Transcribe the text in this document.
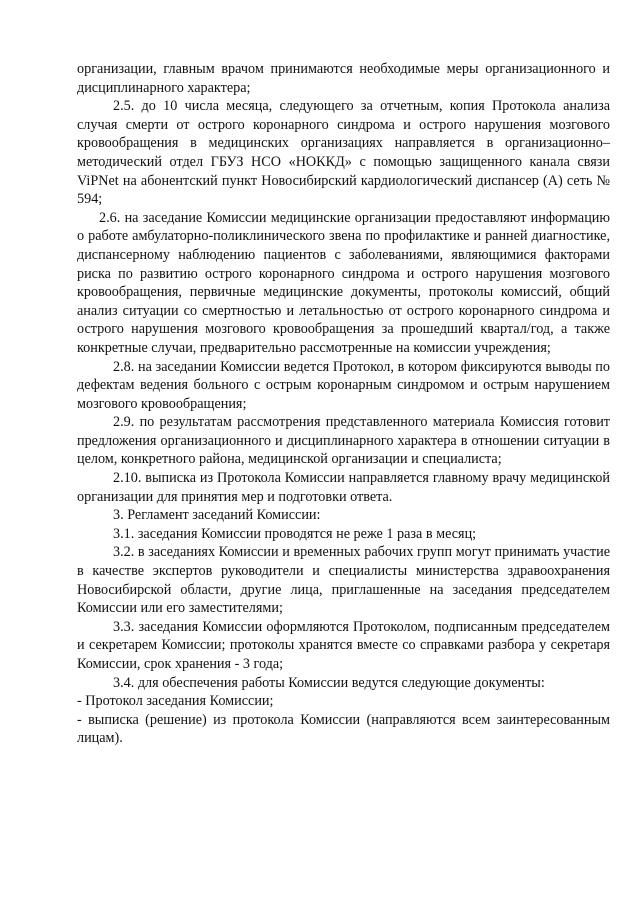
организации, главным врачом принимаются необходимые меры организационного и дисциплинарного характера;

2.5. до 10 числа месяца, следующего за отчетным, копия Протокола анализа случая смерти от острого коронарного синдрома и острого нарушения мозгового кровообращения в медицинских организациях направляется в организационно–методический отдел ГБУЗ НСО «НОККД» с помощью защищенного канала связи ViPNet на абонентский пункт Новосибирский кардиологический диспансер (А) сеть № 594;

2.6. на заседание Комиссии медицинские организации предоставляют информацию о работе амбулаторно-поликлинического звена по профилактике и ранней диагностике, диспансерному наблюдению пациентов с заболеваниями, являющимися факторами риска по развитию острого коронарного синдрома и острого нарушения мозгового кровообращения, первичные медицинские документы, протоколы комиссий, общий анализ ситуации со смертностью и летальностью от острого коронарного синдрома и острого нарушения мозгового кровообращения за прошедший квартал/год, а также конкретные случаи, предварительно рассмотренные на комиссии учреждения;

2.8. на заседании Комиссии ведется Протокол, в котором фиксируются выводы по дефектам ведения больного с острым коронарным синдромом и острым нарушением мозгового кровообращения;

2.9. по результатам рассмотрения представленного материала Комиссия готовит предложения организационного и дисциплинарного характера в отношении ситуации в целом, конкретного района, медицинской организации и специалиста;

2.10. выписка из Протокола Комиссии направляется главному врачу медицинской организации для принятия мер и подготовки ответа.

3. Регламент заседаний Комиссии:

3.1. заседания Комиссии проводятся не реже 1 раза в месяц;

3.2. в заседаниях Комиссии и временных рабочих групп могут принимать участие в качестве экспертов руководители и специалисты министерства здравоохранения Новосибирской области, другие лица, приглашенные на заседания председателем Комиссии или его заместителями;

3.3. заседания Комиссии оформляются Протоколом, подписанным председателем и секретарем Комиссии; протоколы хранятся вместе со справками разбора у секретаря Комиссии, срок хранения - 3 года;

3.4. для обеспечения работы Комиссии ведутся следующие документы:

- Протокол заседания Комиссии;

- выписка (решение) из протокола Комиссии (направляются всем заинтересованным лицам).
